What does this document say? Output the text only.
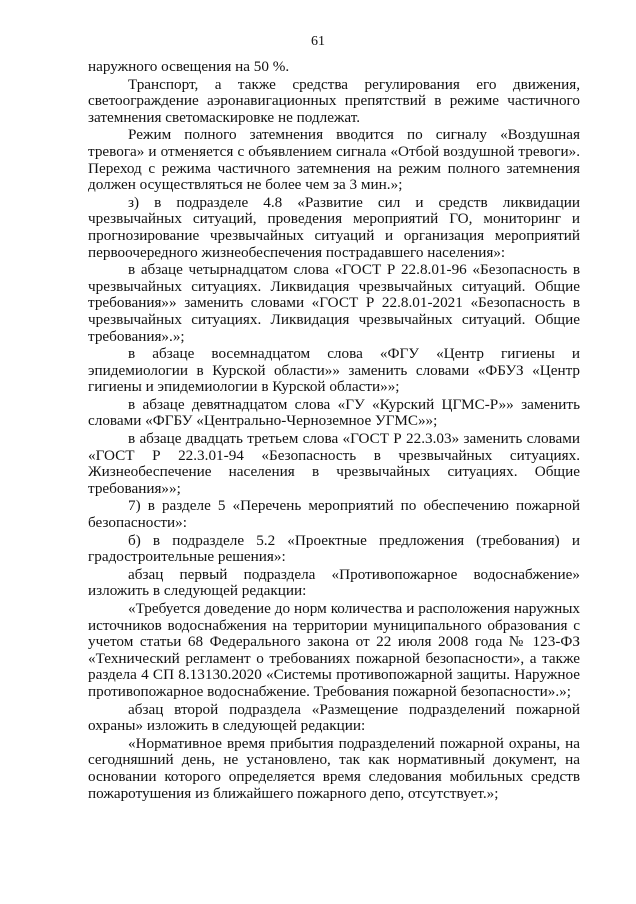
61

наружного освещения на 50 %.

Транспорт, а также средства регулирования его движения, светоограждение аэронавигационных препятствий в режиме частичного затемнения светомаскировке не подлежат.

Режим полного затемнения вводится по сигналу «Воздушная тревога» и отменяется с объявлением сигнала «Отбой воздушной тревоги». Переход с режима частичного затемнения на режим полного затемнения должен осуществляться не более чем за 3 мин.»;

з) в подразделе 4.8 «Развитие сил и средств ликвидации чрезвычайных ситуаций, проведения мероприятий ГО, мониторинг и прогнозирование чрезвычайных ситуаций и организация мероприятий первоочередного жизнеобеспечения пострадавшего населения»:

в абзаце четырнадцатом слова «ГОСТ Р 22.8.01-96 «Безопасность в чрезвычайных ситуациях. Ликвидация чрезвычайных ситуаций. Общие требования»» заменить словами «ГОСТ Р 22.8.01-2021 «Безопасность в чрезвычайных ситуациях. Ликвидация чрезвычайных ситуаций. Общие требования».»;

в абзаце восемнадцатом слова «ФГУ «Центр гигиены и эпидемиологии в Курской области»» заменить словами «ФБУЗ «Центр гигиены и эпидемиологии в Курской области»»;

в абзаце девятнадцатом слова «ГУ «Курский ЦГМС-Р»» заменить словами «ФГБУ «Центрально-Черноземное УГМС»»;

в абзаце двадцать третьем слова «ГОСТ Р 22.3.03» заменить словами «ГОСТ Р 22.3.01-94 «Безопасность в чрезвычайных ситуациях. Жизнеобеспечение населения в чрезвычайных ситуациях. Общие требования»»;

7) в разделе 5 «Перечень мероприятий по обеспечению пожарной безопасности»:

б) в подразделе 5.2 «Проектные предложения (требования) и градостроительные решения»:

абзац первый подраздела «Противопожарное водоснабжение» изложить в следующей редакции:

«Требуется доведение до норм количества и расположения наружных источников водоснабжения на территории муниципального образования с учетом статьи 68 Федерального закона от 22 июля 2008 года № 123-ФЗ «Технический регламент о требованиях пожарной безопасности», а также раздела 4 СП 8.13130.2020 «Системы противопожарной защиты. Наружное противопожарное водоснабжение. Требования пожарной безопасности».»;

абзац второй подраздела «Размещение подразделений пожарной охраны» изложить в следующей редакции:

«Нормативное время прибытия подразделений пожарной охраны, на сегодняшний день, не установлено, так как нормативный документ, на основании которого определяется время следования мобильных средств пожаротушения из ближайшего пожарного депо, отсутствует.»;
